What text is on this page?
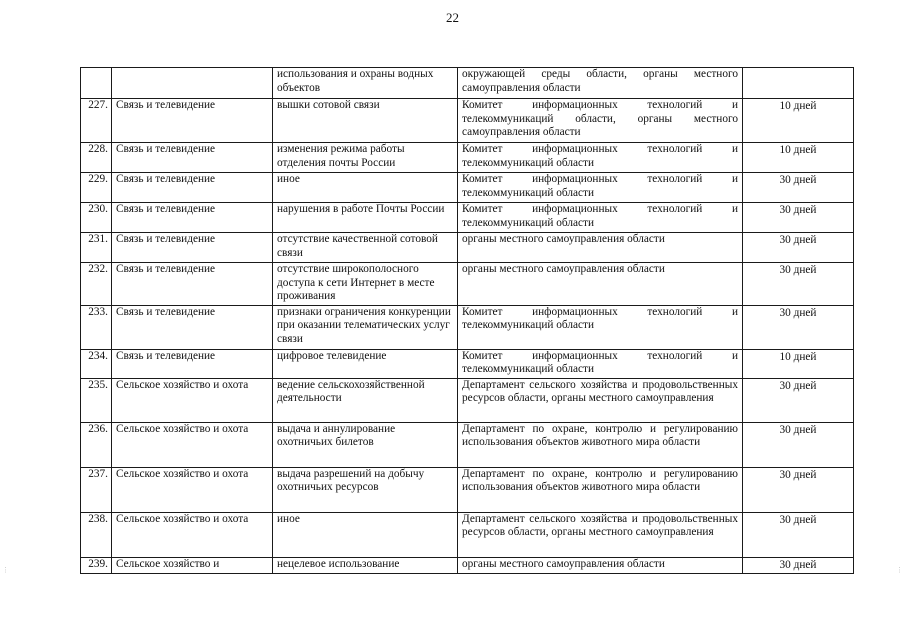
22
		использования и охраны водных объектов	окружающей среды области, органы местного самоуправления области	
227.	Связь и телевидение	вышки сотовой связи	Комитет информационных технологий и телекоммуникаций области, органы местного самоуправления области	10 дней
228.	Связь и телевидение	изменения режима работы отделения почты России	Комитет информационных технологий и телекоммуникаций области	10 дней
229.	Связь и телевидение	иное	Комитет информационных технологий и телекоммуникаций области	30 дней
230.	Связь и телевидение	нарушения в работе Почты России	Комитет информационных технологий и телекоммуникаций области	30 дней
231.	Связь и телевидение	отсутствие качественной сотовой связи	органы местного самоуправления области	30 дней
232.	Связь и телевидение	отсутствие широкополосного доступа к сети Интернет в месте проживания	органы местного самоуправления области	30 дней
233.	Связь и телевидение	признаки ограничения конкуренции при оказании телематических услуг связи	Комитет информационных технологий и телекоммуникаций области	30 дней
234.	Связь и телевидение	цифровое телевидение	Комитет информационных технологий и телекоммуникаций области	10 дней
235.	Сельское хозяйство и охота	ведение сельскохозяйственной деятельности	Департамент сельского хозяйства и продовольственных ресурсов области, органы местного самоуправления	30 дней
236.	Сельское хозяйство и охота	выдача и аннулирование охотничьих билетов	Департамент по охране, контролю и регулированию использования объектов животного мира области	30 дней
237.	Сельское хозяйство и охота	выдача разрешений на добычу охотничьих ресурсов	Департамент по охране, контролю и регулированию использования объектов животного мира области	30 дней
238.	Сельское хозяйство и охота	иное	Департамент сельского хозяйства и продовольственных ресурсов области, органы местного самоуправления	30 дней
239.	Сельское хозяйство и	нецелевое использование	органы местного самоуправления области	30 дней
⋮	⋮
